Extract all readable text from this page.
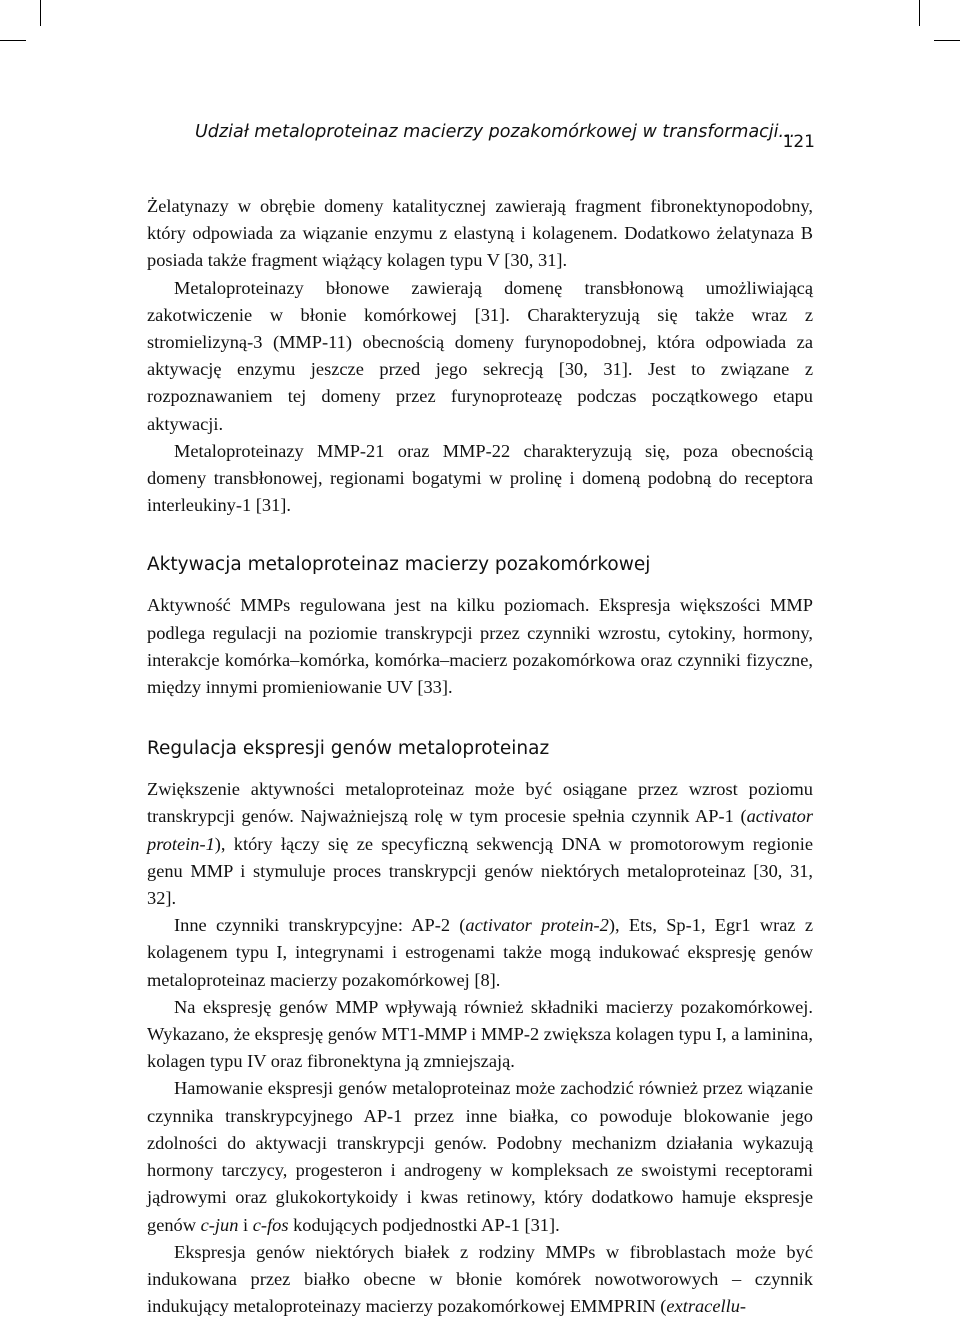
Udział metaloproteinaz macierzy pozakomórkowej w transformacji...
121

Żelatynazy w obrębie domeny katalitycznej zawierają fragment fibronektynopodobny, który odpowiada za wiązanie enzymu z elastyną i kolagenem. Dodatkowo żelatynaza B posiada także fragment wiążący kolagen typu V [30, 31].

Metaloproteinazy błonowe zawierają domenę transbłonową umożliwiającą zakotwiczenie w błonie komórkowej [31]. Charakteryzują się także wraz z stromielizyną-3 (MMP-11) obecnością domeny furynopodobnej, która odpowiada za aktywację enzymu jeszcze przed jego sekrecją [30, 31]. Jest to związane z rozpoznawaniem tej domeny przez furynoproteazę podczas początkowego etapu aktywacji.

Metaloproteinazy MMP-21 oraz MMP-22 charakteryzują się, poza obecnością domeny transbłonowej, regionami bogatymi w prolinę i domeną podobną do receptora interleukiny-1 [31].

Aktywacja metaloproteinaz macierzy pozakomórkowej

Aktywność MMPs regulowana jest na kilku poziomach. Ekspresja większości MMP podlega regulacji na poziomie transkrypcji przez czynniki wzrostu, cytokiny, hormony, interakcje komórka–komórka, komórka–macierz pozakomórkowa oraz czynniki fizyczne, między innymi promieniowanie UV [33].

Regulacja ekspresji genów metaloproteinaz

Zwiększenie aktywności metaloproteinaz może być osiągane przez wzrost poziomu transkrypcji genów. Najważniejszą rolę w tym procesie spełnia czynnik AP-1 (activator protein-1), który łączy się ze specyficzną sekwencją DNA w promotorowym regionie genu MMP i stymuluje proces transkrypcji genów niektórych metaloproteinaz [30, 31, 32].

Inne czynniki transkrypcyjne: AP-2 (activator protein-2), Ets, Sp-1, Egr1 wraz z kolagenem typu I, integrynami i estrogenami także mogą indukować ekspresję genów metaloproteinaz macierzy pozakomórkowej [8].

Na ekspresję genów MMP wpływają również składniki macierzy pozakomórkowej. Wykazano, że ekspresję genów MT1-MMP i MMP-2 zwiększa kolagen typu I, a laminina, kolagen typu IV oraz fibronektyna ją zmniejszają.

Hamowanie ekspresji genów metaloproteinaz może zachodzić również przez wiązanie czynnika transkrypcyjnego AP-1 przez inne białka, co powoduje blokowanie jego zdolności do aktywacji transkrypcji genów. Podobny mechanizm działania wykazują hormony tarczycy, progesteron i androgeny w kompleksach ze swoistymi receptorami jądrowymi oraz glukokortykoidy i kwas retinowy, który dodatkowo hamuje ekspresje genów c-jun i c-fos kodujących podjednostki AP-1 [31].

Ekspresja genów niektórych białek z rodziny MMPs w fibroblastach może być indukowana przez białko obecne w błonie komórek nowotworowych – czynnik indukujący metaloproteinazy macierzy pozakomórkowej EMMPRIN (extracellu-
